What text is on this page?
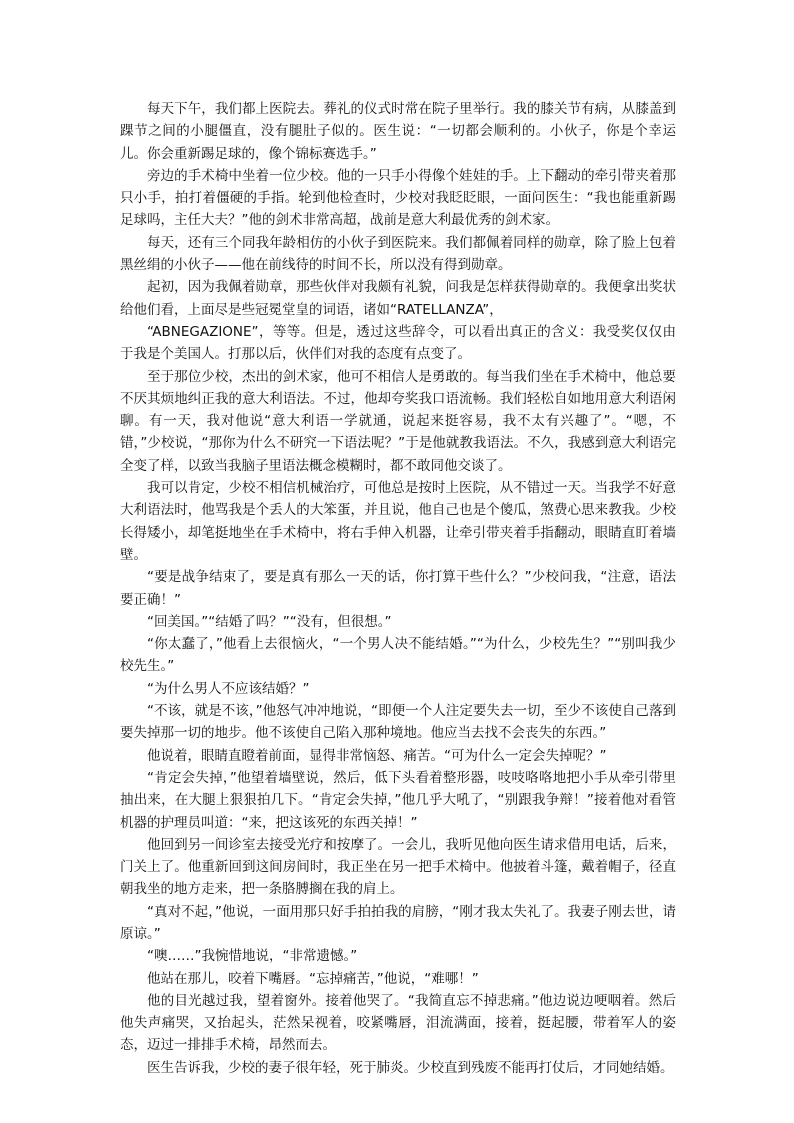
每天下午，我们都上医院去。葬礼的仪式时常在院子里举行。我的膝关节有病，从膝盖到踝节之间的小腿僵直，没有腿肚子似的。医生说：“一切都会顺利的。小伙子，你是个幸运儿。你会重新踢足球的，像个锦标赛选手。”

旁边的手术椅中坐着一位少校。他的一只手小得像个娃娃的手。上下翻动的牵引带夹着那只小手，拍打着僵硬的手指。轮到他检查时，少校对我眨眨眼，一面问医生：“我也能重新踢足球吗，主任大夫？”他的剑术非常高超，战前是意大利最优秀的剑术家。

每天，还有三个同我年龄相仿的小伙子到医院来。我们都佩着同样的勋章，除了脸上包着黑丝绢的小伙子——他在前线待的时间不长，所以没有得到勋章。

起初，因为我佩着勋章，那些伙伴对我颇有礼貌，问我是怎样获得勋章的。我便拿出奖状给他们看，上面尽是些冠冕堂皇的词语，诸如“RATELLANZA”，

“ABNEGAZIONE”，等等。但是，透过这些辞令，可以看出真正的含义：我受奖仅仅由于我是个美国人。打那以后，伙伴们对我的态度有点变了。

至于那位少校，杰出的剑术家，他可不相信人是勇敢的。每当我们坐在手术椅中，他总要不厌其烦地纠正我的意大利语法。不过，他却夸奖我口语流畅。我们轻松自如地用意大利语闲聊。有一天，我对他说“意大利语一学就通，说起来挺容易，我不太有兴趣了”。“嗯，不错，”少校说，“那你为什么不研究一下语法呢？”于是他就教我语法。不久，我感到意大利语完全变了样，以致当我脑子里语法概念模糊时，都不敢同他交谈了。

我可以肯定，少校不相信机械治疗，可他总是按时上医院，从不错过一天。当我学不好意大利语法时，他骂我是个丢人的大笨蛋，并且说，他自己也是个傻瓜，煞费心思来教我。少校长得矮小，却笔挺地坐在手术椅中，将右手伸入机器，让牵引带夹着手指翻动，眼睛直盯着墙壁。

“要是战争结束了，要是真有那么一天的话，你打算干些什么？”少校问我，“注意，语法要正确！”

“回美国。”“结婚了吗？”“没有，但很想。”

“你太蠢了，”他看上去很恼火，“一个男人决不能结婚。”“为什么，少校先生？”“别叫我少校先生。”

“为什么男人不应该结婚？”

“不该，就是不该，”他怒气冲冲地说，“即便一个人注定要失去一切，至少不该使自己落到要失掉那一切的地步。他不该使自己陷入那种境地。他应当去找不会丧失的东西。”

他说着，眼睛直瞪着前面，显得非常恼怒、痛苦。“可为什么一定会失掉呢？”

“肯定会失掉，”他望着墙壁说，然后，低下头看着整形器，吱吱咯咯地把小手从牵引带里抽出来，在大腿上狠狠拍几下。“肯定会失掉，”他几乎大吼了，“别跟我争辩！”接着他对看管机器的护理员叫道：“来，把这该死的东西关掉！”

他回到另一间诊室去接受光疗和按摩了。一会儿，我听见他向医生请求借用电话，后来，门关上了。他重新回到这间房间时，我正坐在另一把手术椅中。他披着斗篷，戴着帽子，径直朝我坐的地方走来，把一条胳膊搁在我的肩上。

“真对不起，”他说，一面用那只好手拍拍我的肩膀，“刚才我太失礼了。我妻子刚去世，请原谅。”

“噢……”我惋惜地说，“非常遗憾。”

他站在那儿，咬着下嘴唇。“忘掉痛苦，”他说，“难哪！”

他的目光越过我，望着窗外。接着他哭了。“我简直忘不掉悲痛。”他边说边哽咽着。然后他失声痛哭，又抬起头，茫然呆视着，咬紧嘴唇，泪流满面，接着，挺起腰，带着军人的姿态，迈过一排排手术椅，昂然而去。

医生告诉我，少校的妻子很年轻，死于肺炎。少校直到残废不能再打仗后，才同她结婚。
